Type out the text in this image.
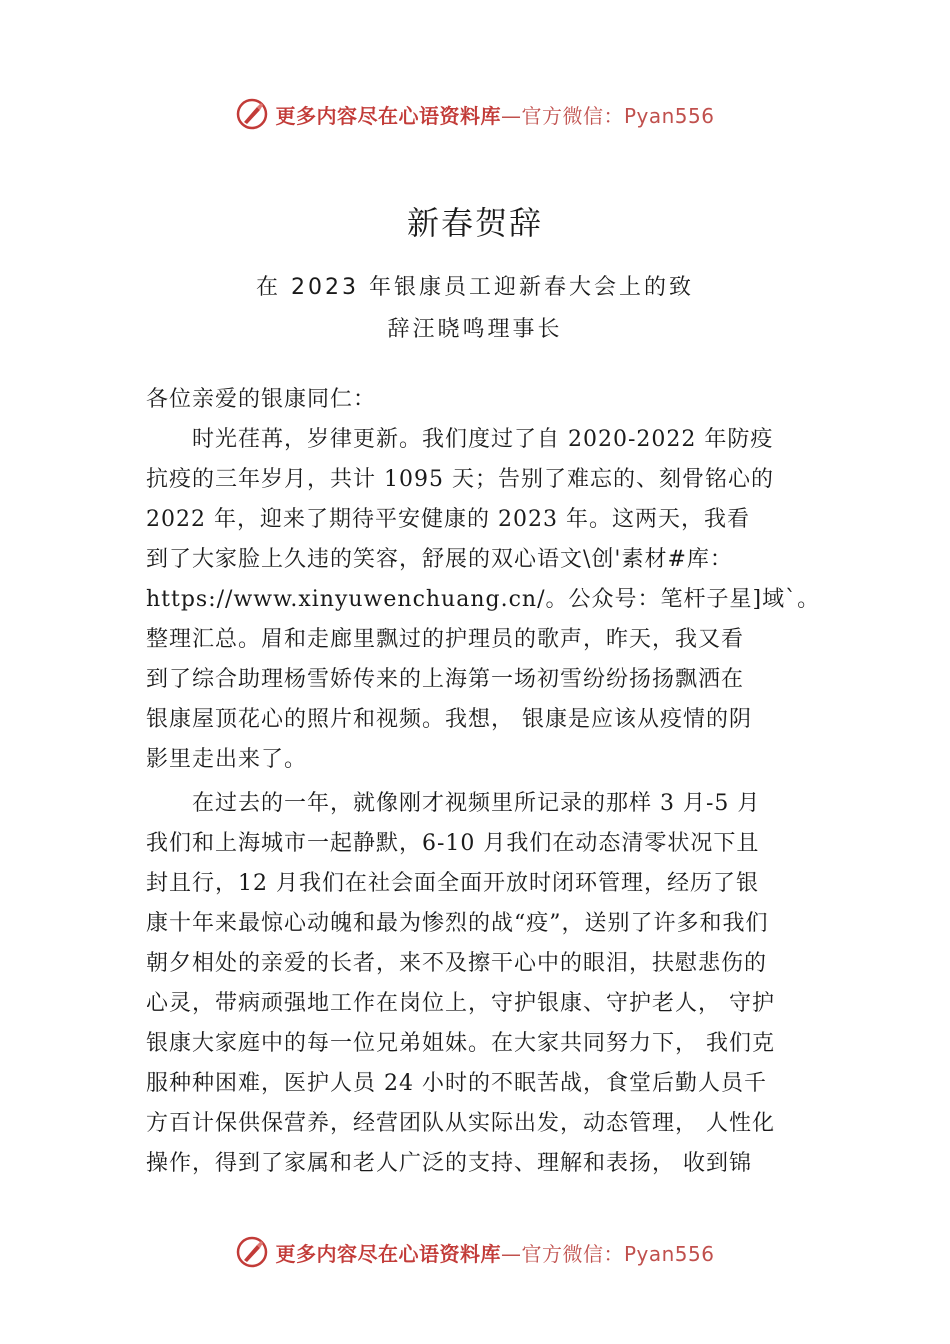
更多内容尽在心语资料库—官方微信：Pyan556
新春贺辞
在 2023 年银康员工迎新春大会上的致
辞汪晓鸣理事长
各位亲爱的银康同仁：
　　时光荏苒，岁律更新。我们度过了自 2020-2022 年防疫
抗疫的三年岁月，共计 1095 天；告别了难忘的、刻骨铭心的
2022 年，迎来了期待平安健康的 2023 年。这两天，我看
到了大家脸上久违的笑容，舒展的双心语文\创'素材#库：
https://www.xinyuwenchuang.cn/。公众号：笔杆子星]域`。
整理汇总。眉和走廊里飘过的护理员的歌声，昨天，我又看
到了综合助理杨雪娇传来的上海第一场初雪纷纷扬扬飘洒在
银康屋顶花心的照片和视频。我想， 银康是应该从疫情的阴
影里走出来了。
　　在过去的一年，就像刚才视频里所记录的那样 3 月-5 月
我们和上海城市一起静默，6-10 月我们在动态清零状况下且
封且行，12 月我们在社会面全面开放时闭环管理，经历了银
康十年来最惊心动魄和最为惨烈的战“疫”，送别了许多和我们
朝夕相处的亲爱的长者，来不及擦干心中的眼泪，扶慰悲伤的
心灵，带病顽强地工作在岗位上，守护银康、守护老人， 守护
银康大家庭中的每一位兄弟姐妹。在大家共同努力下， 我们克
服种种困难，医护人员 24 小时的不眠苦战，食堂后勤人员千
方百计保供保营养，经营团队从实际出发，动态管理， 人性化
操作，得到了家属和老人广泛的支持、理解和表扬， 收到锦
更多内容尽在心语资料库—官方微信：Pyan556
